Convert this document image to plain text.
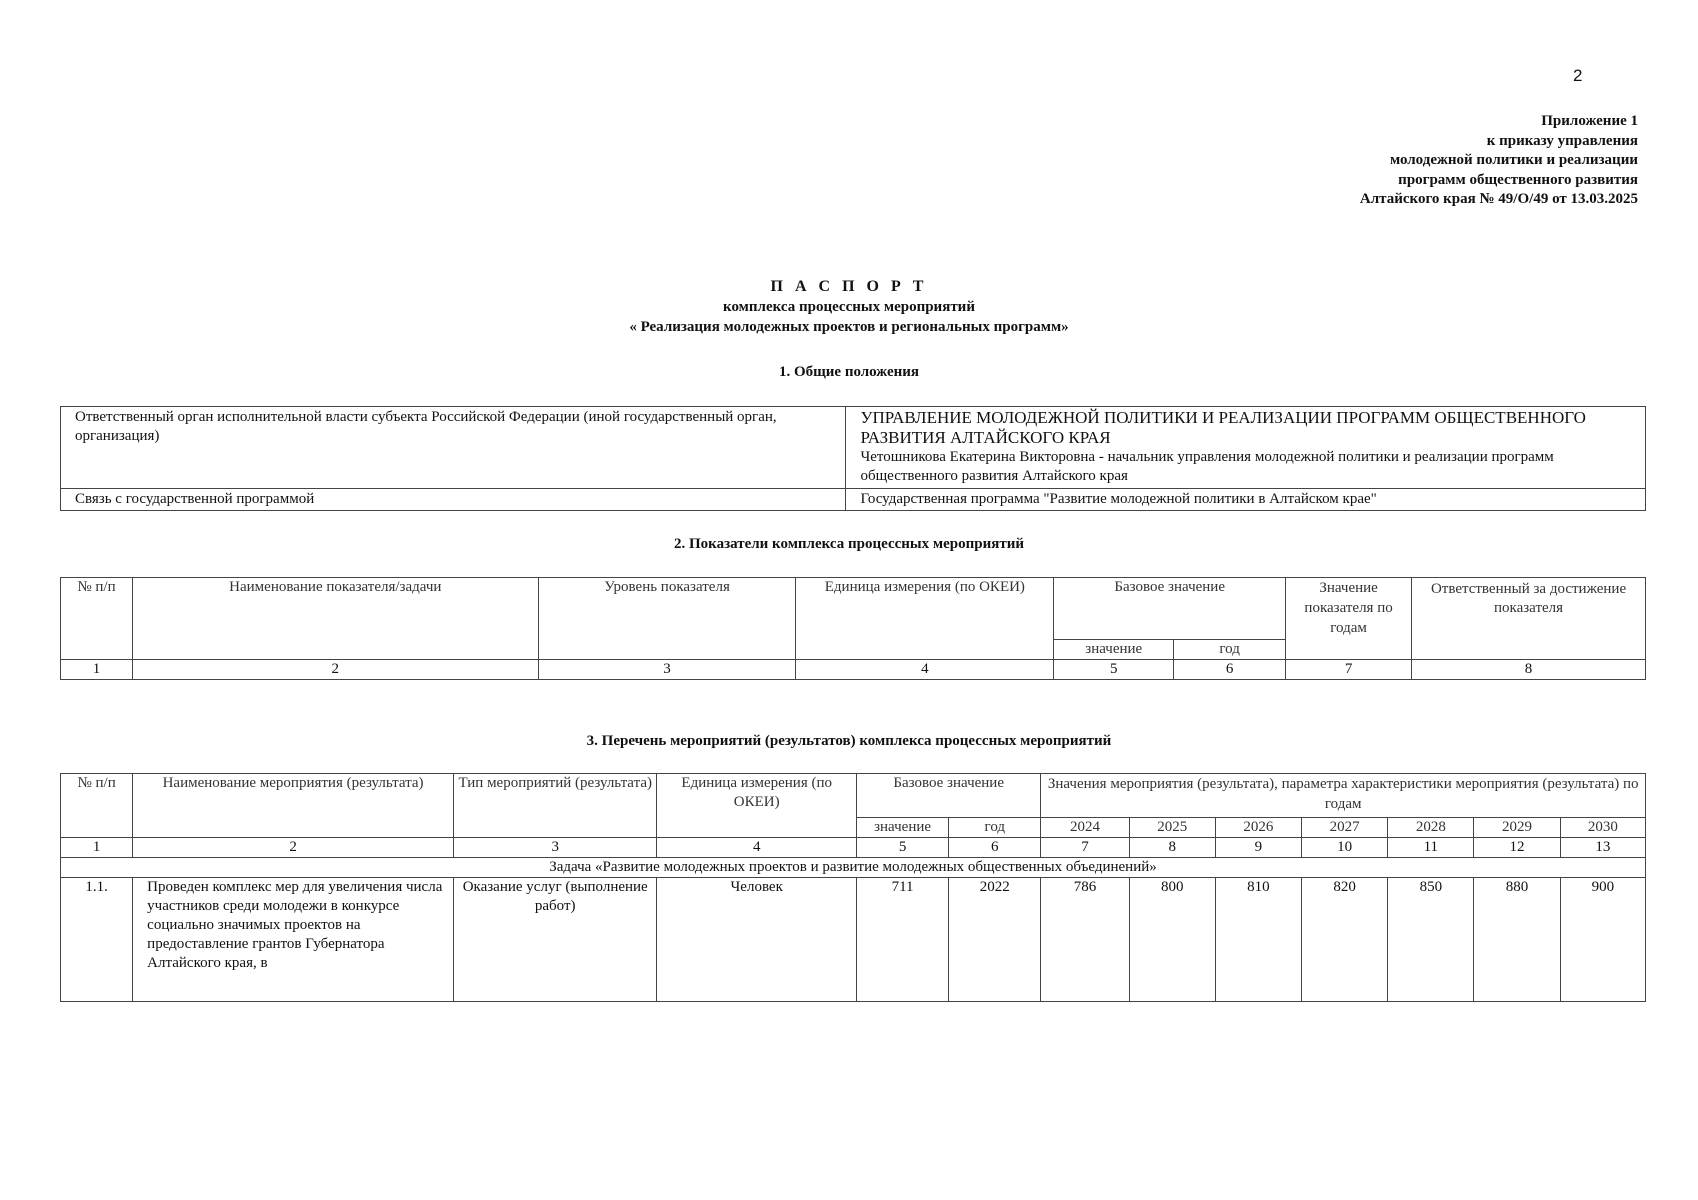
2
Приложение 1
к приказу управления
молодежной политики и реализации
программ общественного развития
Алтайского края № 49/О/49 от 13.03.2025
П А С П О Р Т
комплекса процессных мероприятий
« Реализация молодежных проектов и региональных программ»
1. Общие положения
Ответственный орган исполнительной власти субъекта Российской Федерации (иной государственный орган, организация)	УПРАВЛЕНИЕ МОЛОДЕЖНОЙ ПОЛИТИКИ И РЕАЛИЗАЦИИ ПРОГРАММ ОБЩЕСТВЕННОГО РАЗВИТИЯ АЛТАЙСКОГО КРАЯ
Четошникова Екатерина Викторовна - начальник управления молодежной политики и реализации программ общественного развития Алтайского края

Связь с государственной программой	Государственная программа "Развитие молодежной политики в Алтайском крае"
2. Показатели комплекса процессных мероприятий
№ п/п	Наименование показателя/задачи	Уровень показателя	Единица измерения (по ОКЕИ)	Базовое значение		Значение показателя по годам	Ответственный за достижение показателя
				значение	год		
1	2	3	4	5	6	7	8
3. Перечень мероприятий (результатов) комплекса процессных мероприятий
№ п/п	Наименование мероприятия (результата)	Тип мероприятий (результата)	Единица измерения (по ОКЕИ)	Базовое значение		Значения мероприятия (результата), параметра характеристики мероприятия (результата) по годам						
				значение	год	2024	2025	2026	2027	2028	2029	2030
1	2	3	4	5	6	7	8	9	10	11	12	13
Задача «Развитие молодежных проектов и развитие молодежных общественных объединений»												
1.1.	Проведен комплекс мер для увеличения числа участников среди молодежи в конкурсе социально значимых проектов на предоставление грантов Губернатора Алтайского края, в	Оказание услуг (выполнение работ)	Человек	711	2022	786	800	810	820	850	880	900
